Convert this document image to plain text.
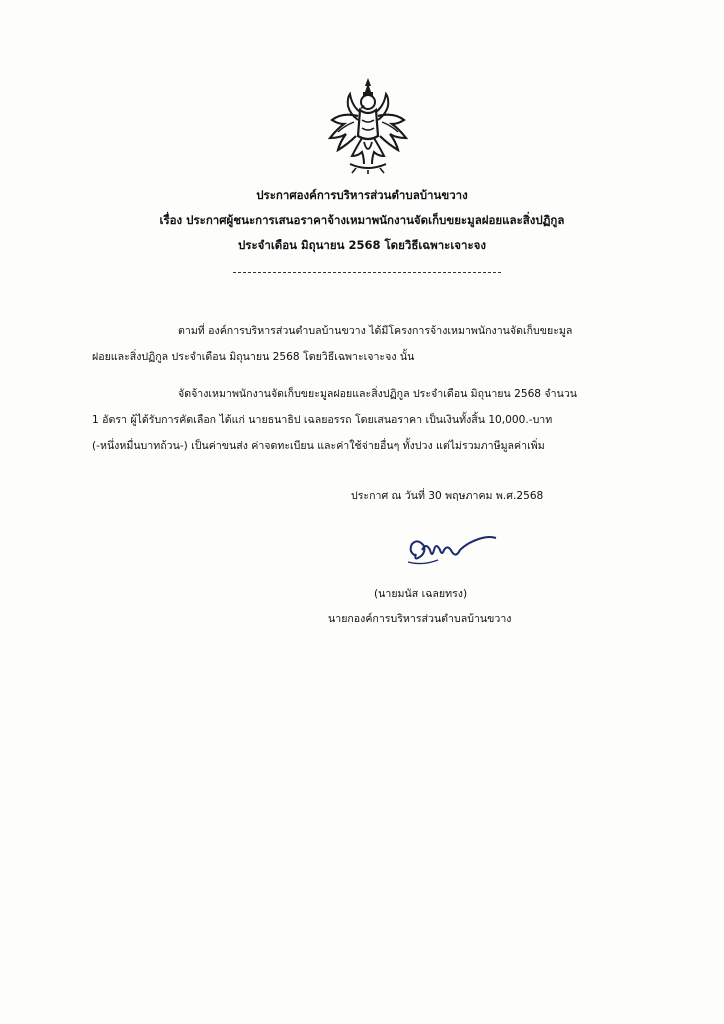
ประกาศองค์การบริหารส่วนตำบลบ้านขวาง
เรื่อง ประกาศผู้ชนะการเสนอราคาจ้างเหมาพนักงานจัดเก็บขยะมูลฝอยและสิ่งปฏิกูล
ประจำเดือน มิถุนายน 2568 โดยวิธีเฉพาะเจาะจง
ตามที่ องค์การบริหารส่วนตำบลบ้านขวาง ได้มีโครงการจ้างเหมาพนักงานจัดเก็บขยะมูล
ฝอยและสิ่งปฏิกูล ประจำเดือน มิถุนายน 2568 โดยวิธีเฉพาะเจาะจง นั้น
จัดจ้างเหมาพนักงานจัดเก็บขยะมูลฝอยและสิ่งปฏิกูล ประจำเดือน มิถุนายน 2568 จำนวน
1 อัตรา ผู้ได้รับการคัดเลือก ได้แก่ นายธนาธิป เฉลยอรรถ โดยเสนอราคา เป็นเงินทั้งสิ้น 10,000.-บาท
(-หนึ่งหมื่นบาทถ้วน-) เป็นค่าขนส่ง ค่าจดทะเบียน และค่าใช้จ่ายอื่นๆ ทั้งปวง แต่ไม่รวมภาษีมูลค่าเพิ่ม
ประกาศ ณ วันที่ 30 พฤษภาคม พ.ศ.2568
(นายมนัส เฉลยทรง)
นายกองค์การบริหารส่วนตำบลบ้านขวาง
